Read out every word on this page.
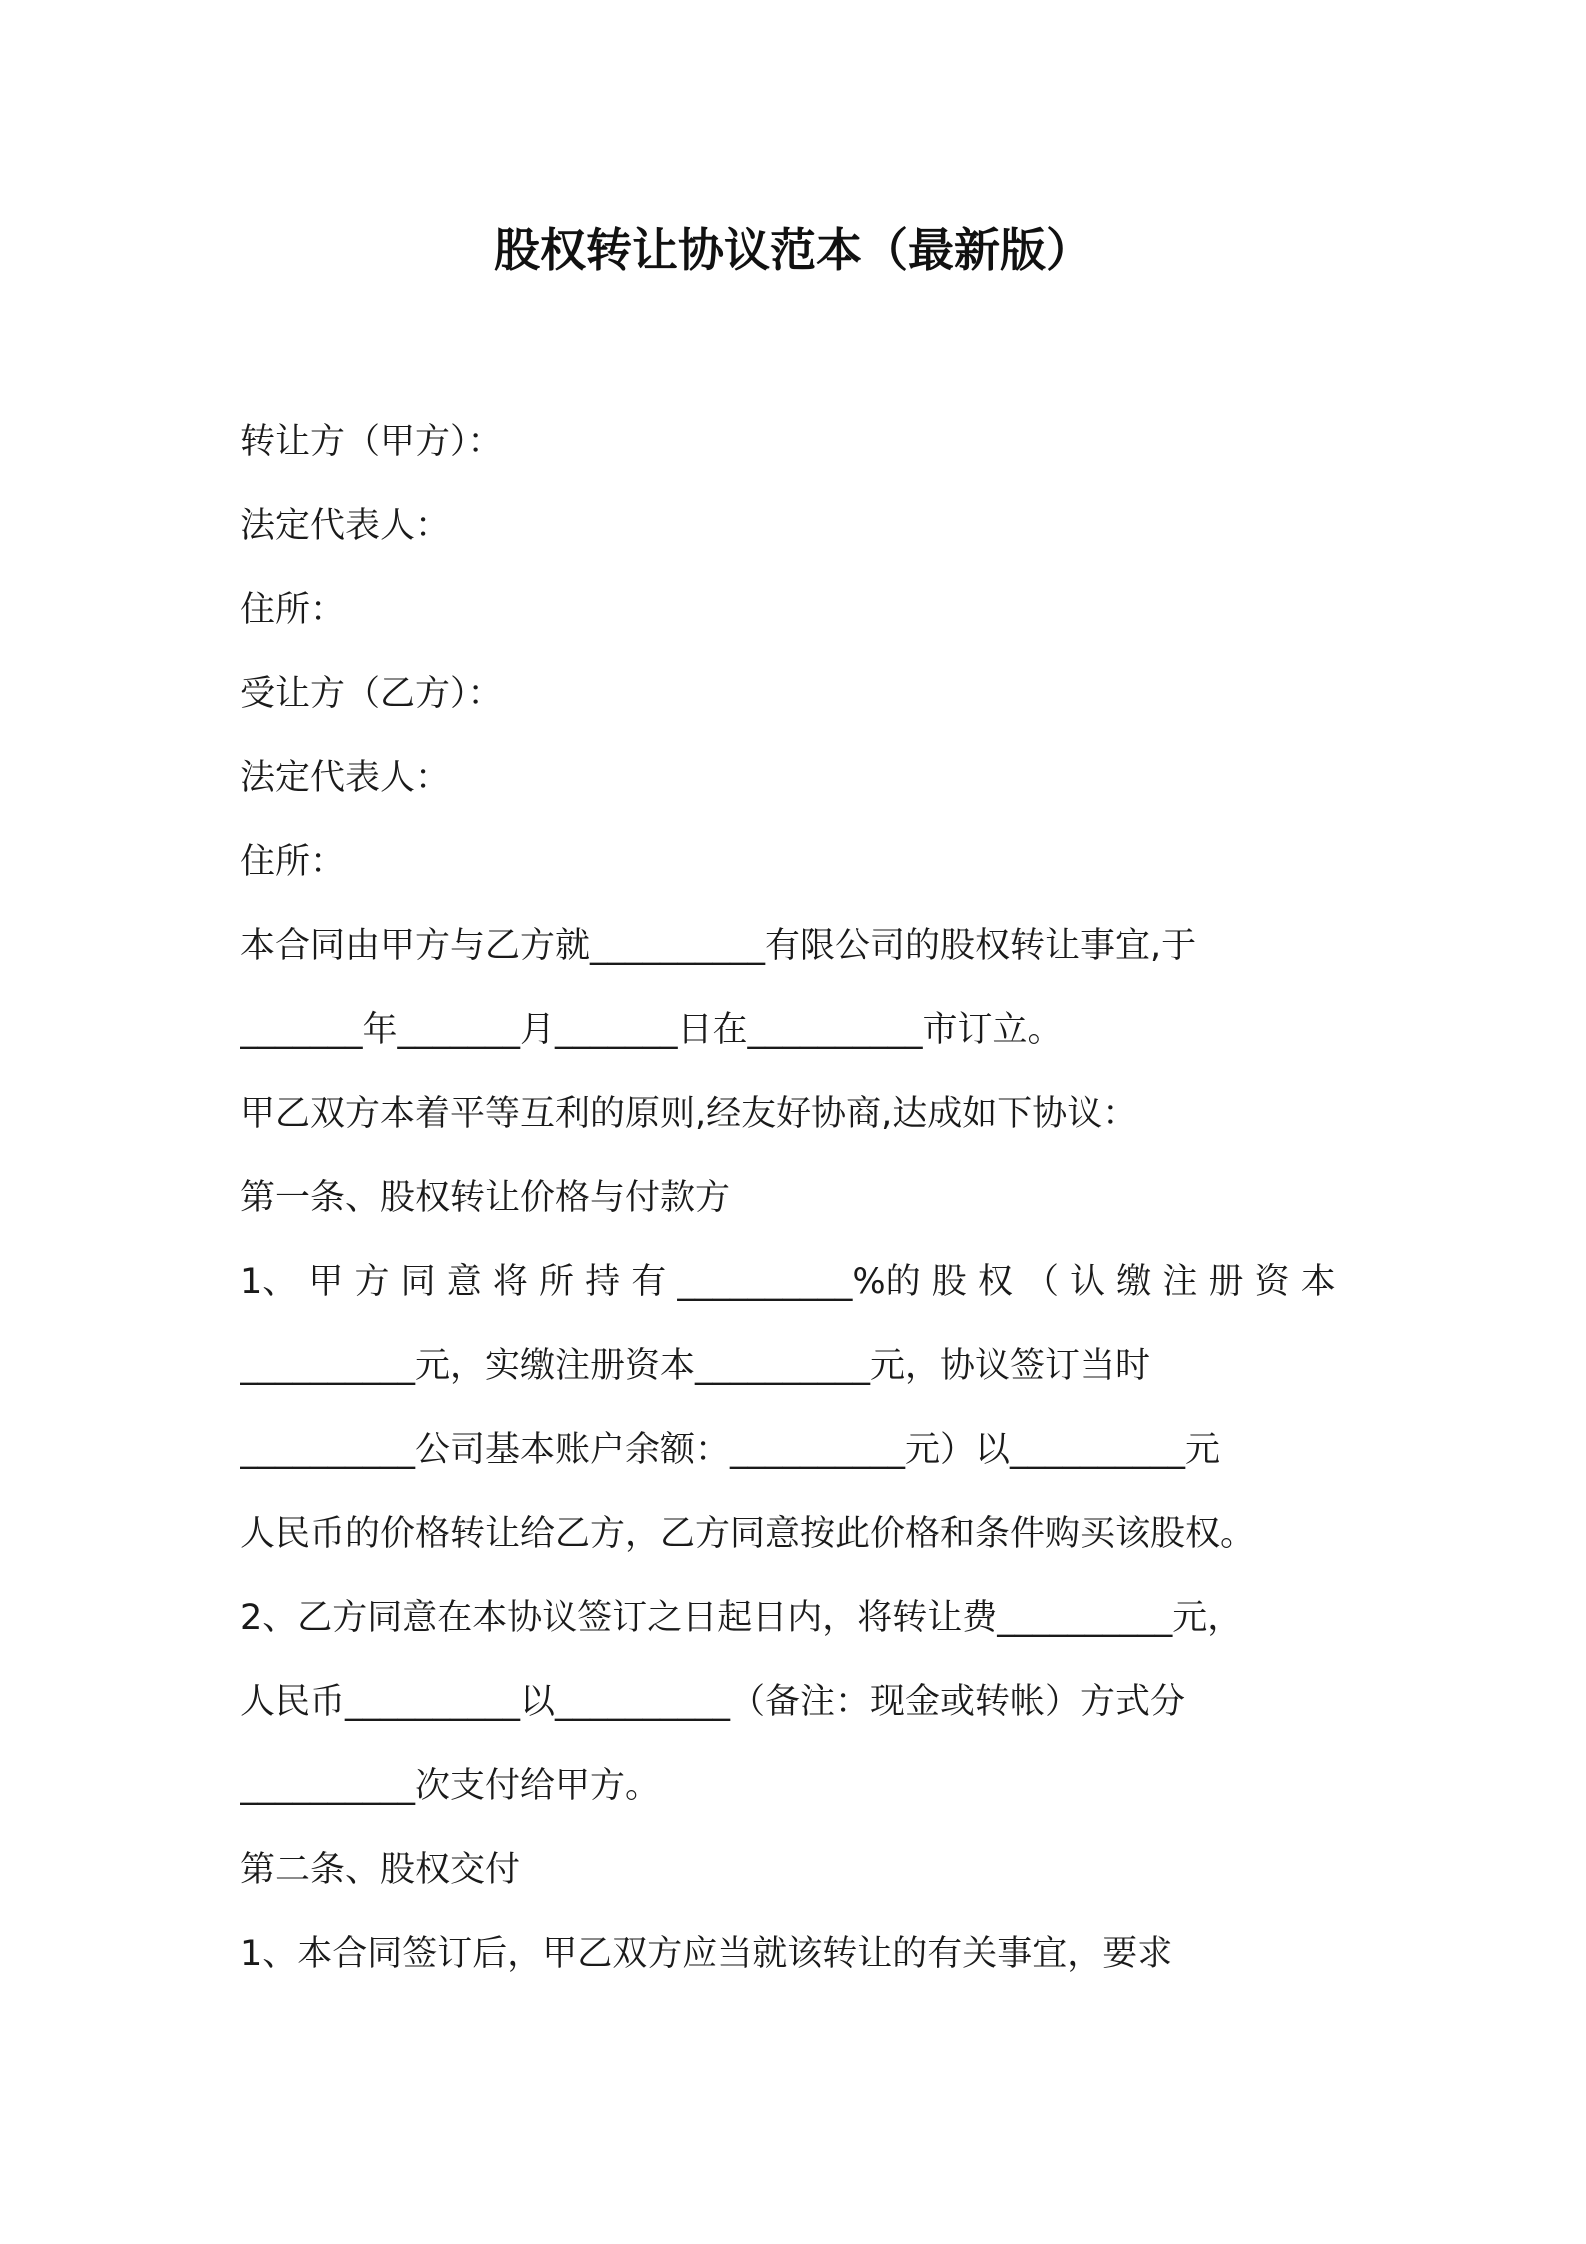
股权转让协议范本（最新版）

转让方（甲方）：

法定代表人：

住所：

受让方（乙方）：

法定代表人：

住所：

本合同由甲方与乙方就__________有限公司的股权转让事宜,于

_______年_______月_______日在__________市订立。

甲乙双方本着平等互利的原则,经友好协商,达成如下协议：

第一条、股权转让价格与付款方

1、 甲 方 同 意 将 所 持 有 __________%的 股 权 （ 认 缴 注 册 资 本

__________元，实缴注册资本__________元，协议签订当时

__________公司基本账户余额：__________元）以__________元

人民币的价格转让给乙方，乙方同意按此价格和条件购买该股权。

2、乙方同意在本协议签订之日起日内，将转让费__________元，

人民币__________以__________（备注：现金或转帐）方式分

__________次支付给甲方。

第二条、股权交付

1、本合同签订后，甲乙双方应当就该转让的有关事宜，要求
